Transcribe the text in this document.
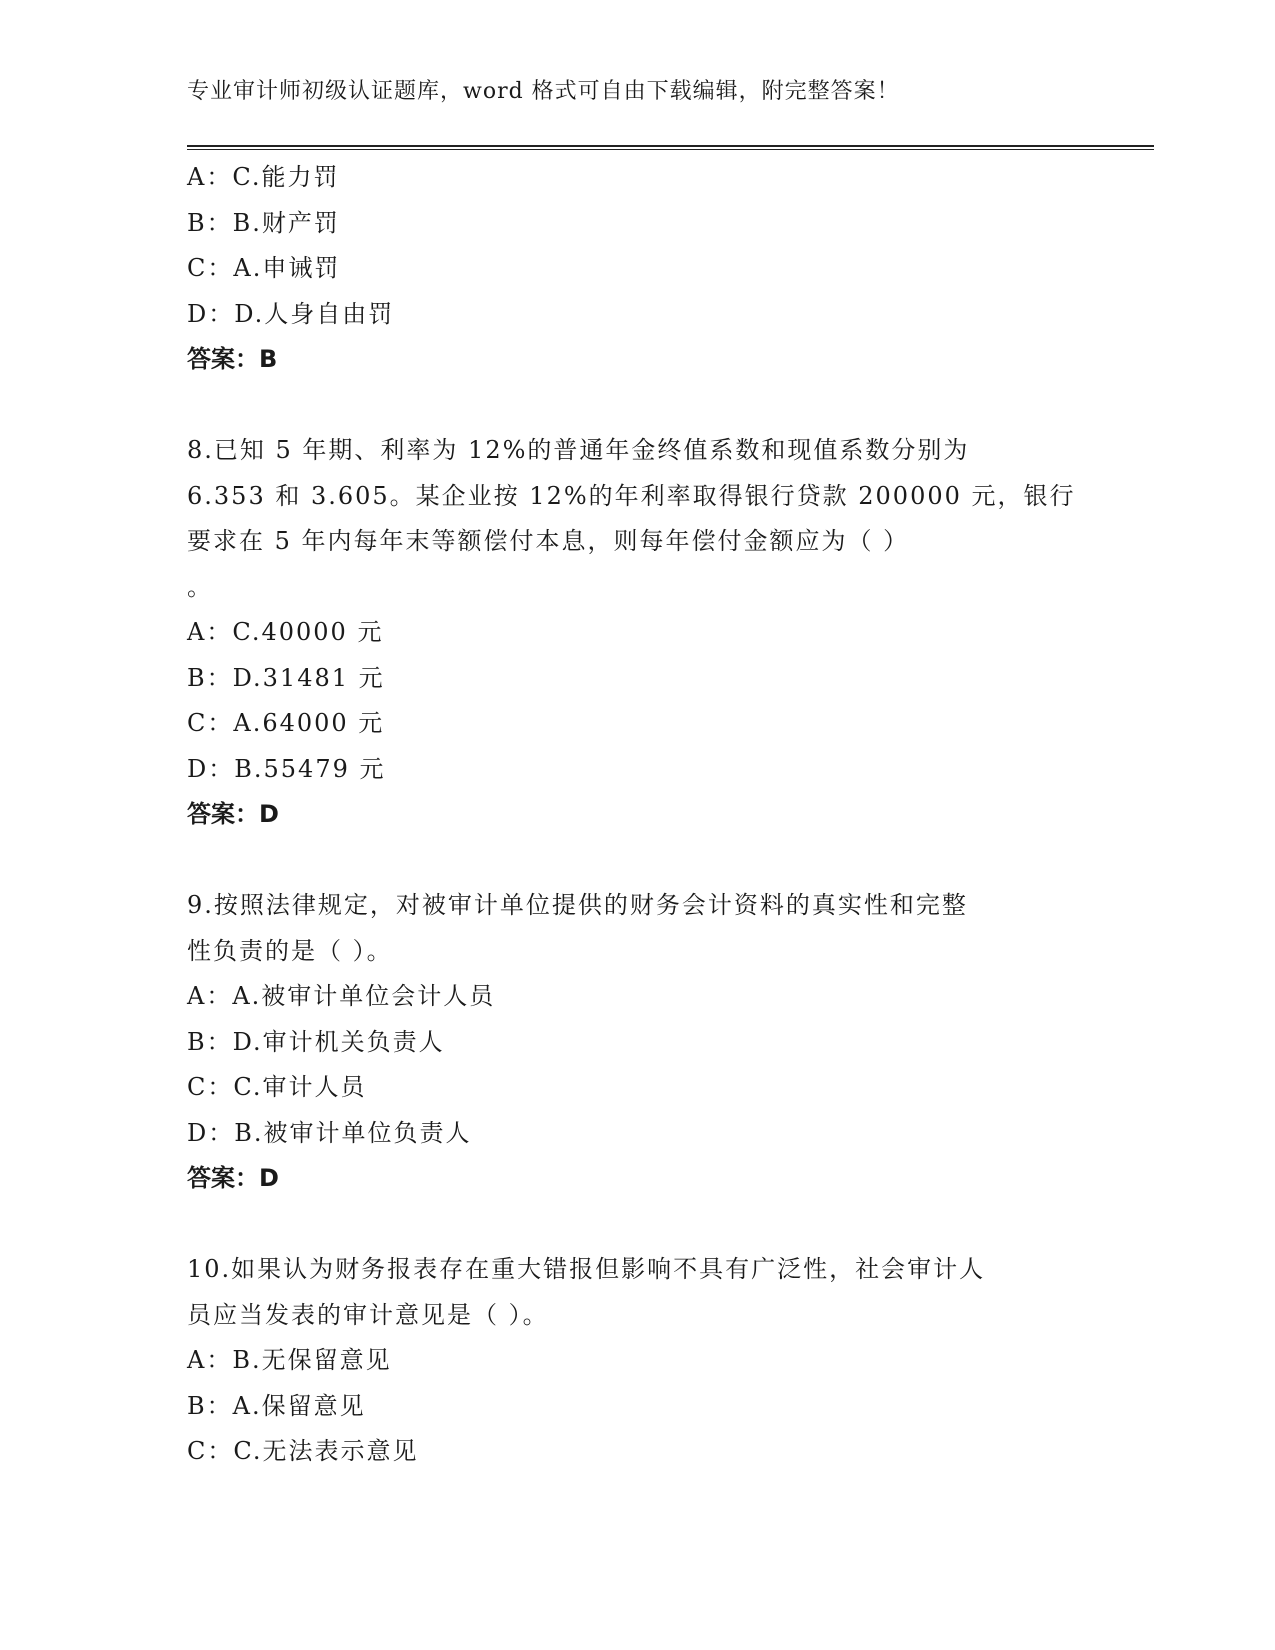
专业审计师初级认证题库，word 格式可自由下载编辑，附完整答案！
A：C.能力罚
B：B.财产罚
C：A.申诫罚
D：D.人身自由罚
答案：B
8.已知 5 年期、利率为 12%的普通年金终值系数和现值系数分别为
6.353 和 3.605。某企业按 12%的年利率取得银行贷款 200000 元，银行
要求在 5 年内每年末等额偿付本息，则每年偿付金额应为（ ）
。
A：C.40000 元
B：D.31481 元
C：A.64000 元
D：B.55479 元
答案：D
9.按照法律规定，对被审计单位提供的财务会计资料的真实性和完整
性负责的是（ ）。
A：A.被审计单位会计人员
B：D.审计机关负责人
C：C.审计人员
D：B.被审计单位负责人
答案：D
10.如果认为财务报表存在重大错报但影响不具有广泛性，社会审计人
员应当发表的审计意见是（ ）。
A：B.无保留意见
B：A.保留意见
C：C.无法表示意见
